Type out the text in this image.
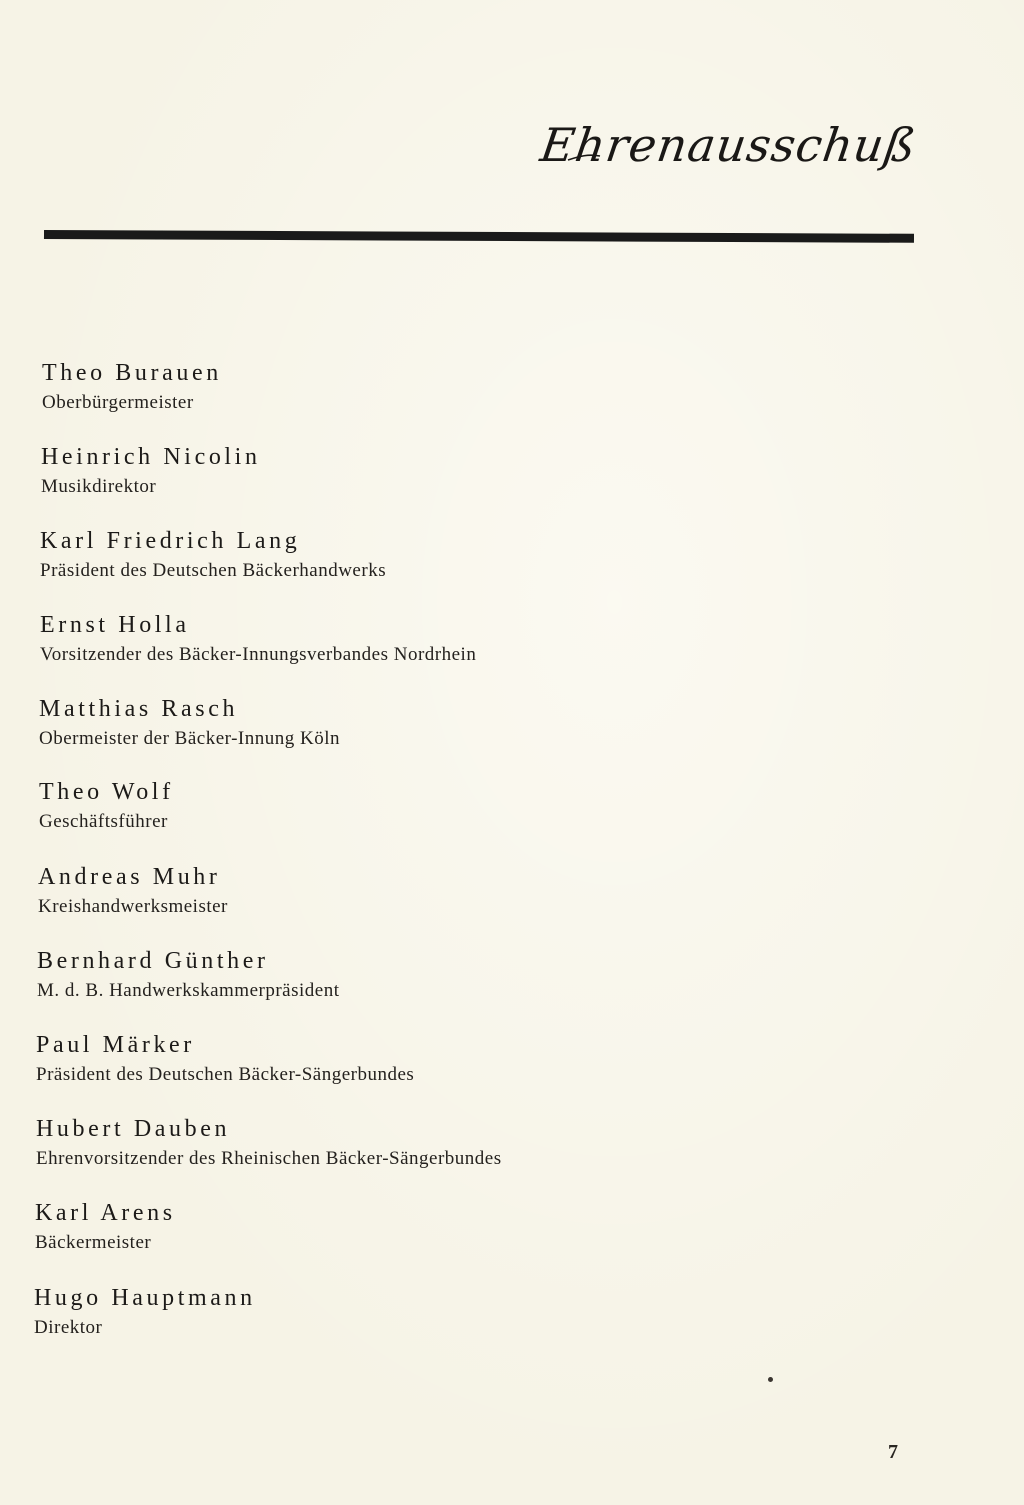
Ehrenausschuß
Theo Burauen
Oberbürgermeister
Heinrich Nicolin
Musikdirektor
Karl Friedrich Lang
Präsident des Deutschen Bäckerhandwerks
Ernst Holla
Vorsitzender des Bäcker-Innungsverbandes Nordrhein
Matthias Rasch
Obermeister der Bäcker-Innung Köln
Theo Wolf
Geschäftsführer
Andreas Muhr
Kreishandwerksmeister
Bernhard Günther
M. d. B. Handwerkskammerpräsident
Paul Märker
Präsident des Deutschen Bäcker-Sängerbundes
Hubert Dauben
Ehrenvorsitzender des Rheinischen Bäcker-Sängerbundes
Karl Arens
Bäckermeister
Hugo Hauptmann
Direktor
7
